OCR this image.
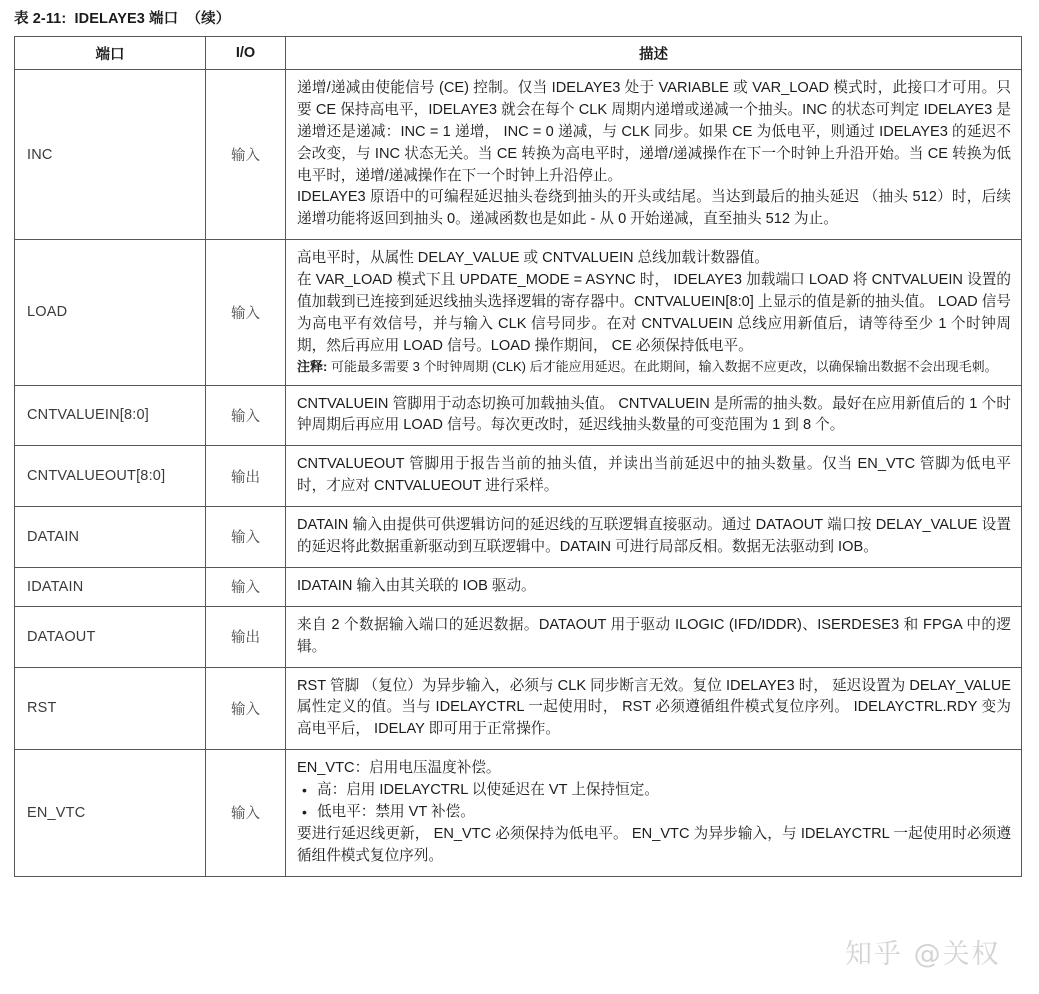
表 2-11:  IDELAYE3 端口  （续）
端口	I/O	描述
INC	输入	递增/递减由使能信号 (CE) 控制。仅当 IDELAYE3 处于 VARIABLE 或 VAR_LOAD 模式时，此接口才可用。只要 CE 保持高电平，IDELAYE3 就会在每个 CLK 周期内递增或递减一个抽头。INC 的状态可判定 IDELAYE3 是递增还是递减：INC = 1 递增， INC = 0 递减，与 CLK 同步。如果 CE 为低电平，则通过 IDELAYE3 的延迟不会改变，与 INC 状态无关。当 CE 转换为高电平时，递增/递减操作在下一个时钟上升沿开始。当 CE 转换为低电平时，递增/递减操作在下一个时钟上升沿停止。

IDELAYE3 原语中的可编程延迟抽头卷绕到抽头的开头或结尾。当达到最后的抽头延迟 （抽头 512）时，后续递增功能将返回到抽头 0。递减函数也是如此 - 从 0 开始递减，直至抽头 512 为止。

LOAD	输入	高电平时，从属性 DELAY_VALUE 或 CNTVALUEIN 总线加载计数器值。

在 VAR_LOAD 模式下且 UPDATE_MODE = ASYNC 时， IDELAYE3 加载端口 LOAD 将 CNTVALUEIN 设置的值加载到已连接到延迟线抽头选择逻辑的寄存器中。CNTVALUEIN[8:0] 上显示的值是新的抽头值。 LOAD 信号为高电平有效信号，并与输入 CLK 信号同步。在对 CNTVALUEIN 总线应用新值后，请等待至少 1 个时钟周期，然后再应用 LOAD 信号。LOAD 操作期间， CE 必须保持低电平。

注释: 可能最多需要 3 个时钟周期 (CLK) 后才能应用延迟。在此期间，输入数据不应更改，以确保输出数据不会出现毛刺。

CNTVALUEIN[8:0]	输入	CNTVALUEIN 管脚用于动态切换可加载抽头值。 CNTVALUEIN 是所需的抽头数。最好在应用新值后的 1 个时钟周期后再应用 LOAD 信号。每次更改时，延迟线抽头数量的可变范围为 1 到 8 个。

CNTVALUEOUT[8:0]	输出	CNTVALUEOUT 管脚用于报告当前的抽头值，并读出当前延迟中的抽头数量。仅当 EN_VTC 管脚为低电平时，才应对 CNTVALUEOUT 进行采样。

DATAIN	输入	DATAIN 输入由提供可供逻辑访问的延迟线的互联逻辑直接驱动。通过 DATAOUT 端口按 DELAY_VALUE 设置的延迟将此数据重新驱动到互联逻辑中。DATAIN 可进行局部反相。数据无法驱动到 IOB。

IDATAIN	输入	IDATAIN 输入由其关联的 IOB 驱动。

DATAOUT	输出	来自 2 个数据输入端口的延迟数据。DATAOUT 用于驱动 ILOGIC (IFD/IDDR)、ISERDESE3 和 FPGA 中的逻辑。

RST	输入	RST 管脚 （复位）为异步输入，必须与 CLK 同步断言无效。复位 IDELAYE3 时， 延迟设置为 DELAY_VALUE 属性定义的值。当与 IDELAYCTRL 一起使用时， RST 必须遵循组件模式复位序列。 IDELAYCTRL.RDY 变为高电平后， IDELAY 即可用于正常操作。

EN_VTC	输入	

EN_VTC：启用电压温度补偿。

• 高：启用 IDELAYCTRL 以使延迟在 VT 上保持恒定。
• 低电平：禁用 VT 补偿。

要进行延迟线更新， EN_VTC 必须保持为低电平。 EN_VTC 为异步输入，与 IDELAYCTRL 一起使用时必须遵循组件模式复位序列。

知乎 @关权
